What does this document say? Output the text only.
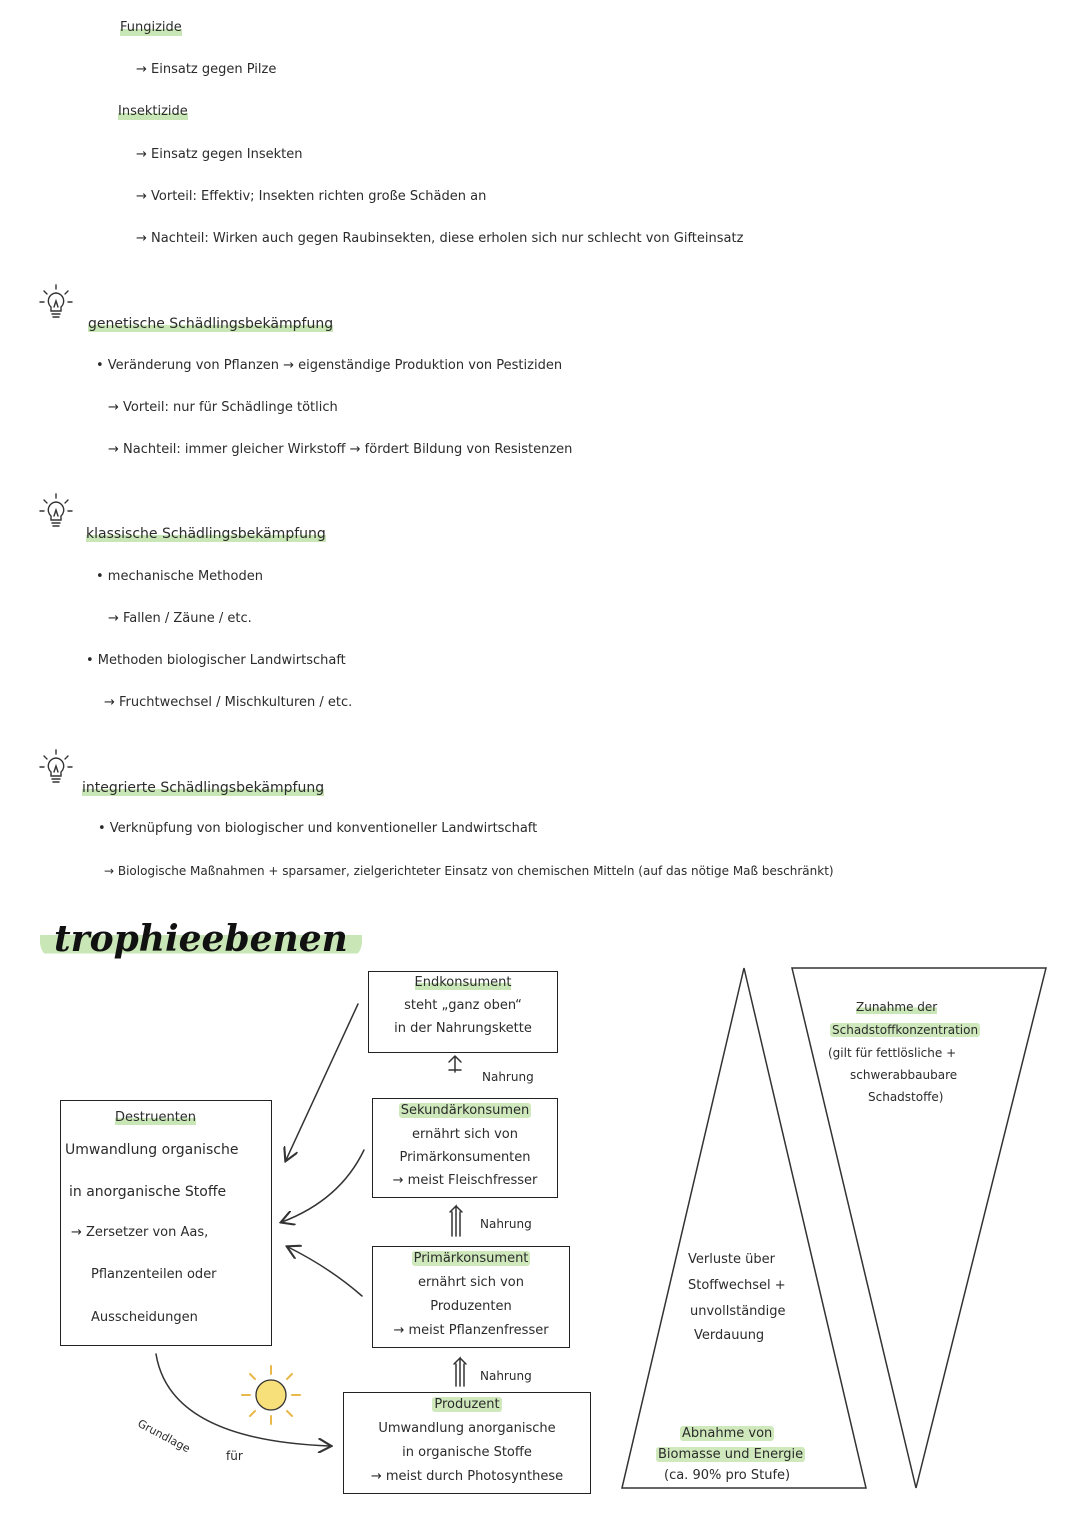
Fungizide
→ Einsatz gegen Pilze
Insektizide
→ Einsatz gegen Insekten
→ Vorteil: Effektiv; Insekten richten große Schäden an
→ Nachteil: Wirken auch gegen Raubinsekten, diese erholen sich nur schlecht von Gifteinsatz
genetische Schädlingsbekämpfung
• Veränderung von Pflanzen → eigenständige Produktion von Pestiziden
→ Vorteil: nur für Schädlinge tötlich
→ Nachteil: immer gleicher Wirkstoff → fördert Bildung von Resistenzen
klassische Schädlingsbekämpfung
• mechanische Methoden
→ Fallen / Zäune / etc.
• Methoden biologischer Landwirtschaft
→ Fruchtwechsel / Mischkulturen / etc.
integrierte Schädlingsbekämpfung
• Verknüpfung von biologischer und konventioneller Landwirtschaft
→ Biologische Maßnahmen + sparsamer, zielgerichteter Einsatz von chemischen Mitteln (auf das nötige Maß beschränkt)
trophieebenen
Endkonsument
steht „ganz oben“
in der Nahrungskette
Nahrung
Sekundärkonsumen
ernährt sich von
Primärkonsumenten
→ meist Fleischfresser
Nahrung
Primärkonsument
ernährt sich von
Produzenten
→ meist Pflanzenfresser
Nahrung
Produzent
Umwandlung anorganische
in organische Stoffe
→ meist durch Photosynthese
Destruenten
Umwandlung organische
in anorganische Stoffe
→ Zersetzer von Aas,
Pflanzenteilen oder
Ausscheidungen
Grundlage
für
Verluste über
Stoffwechsel +
unvollständige
Verdauung
Abnahme von
Biomasse und Energie
(ca. 90% pro Stufe)
Zunahme der
Schadstoffkonzentration
(gilt für fettlösliche +
schwerabbaubare
Schadstoffe)
